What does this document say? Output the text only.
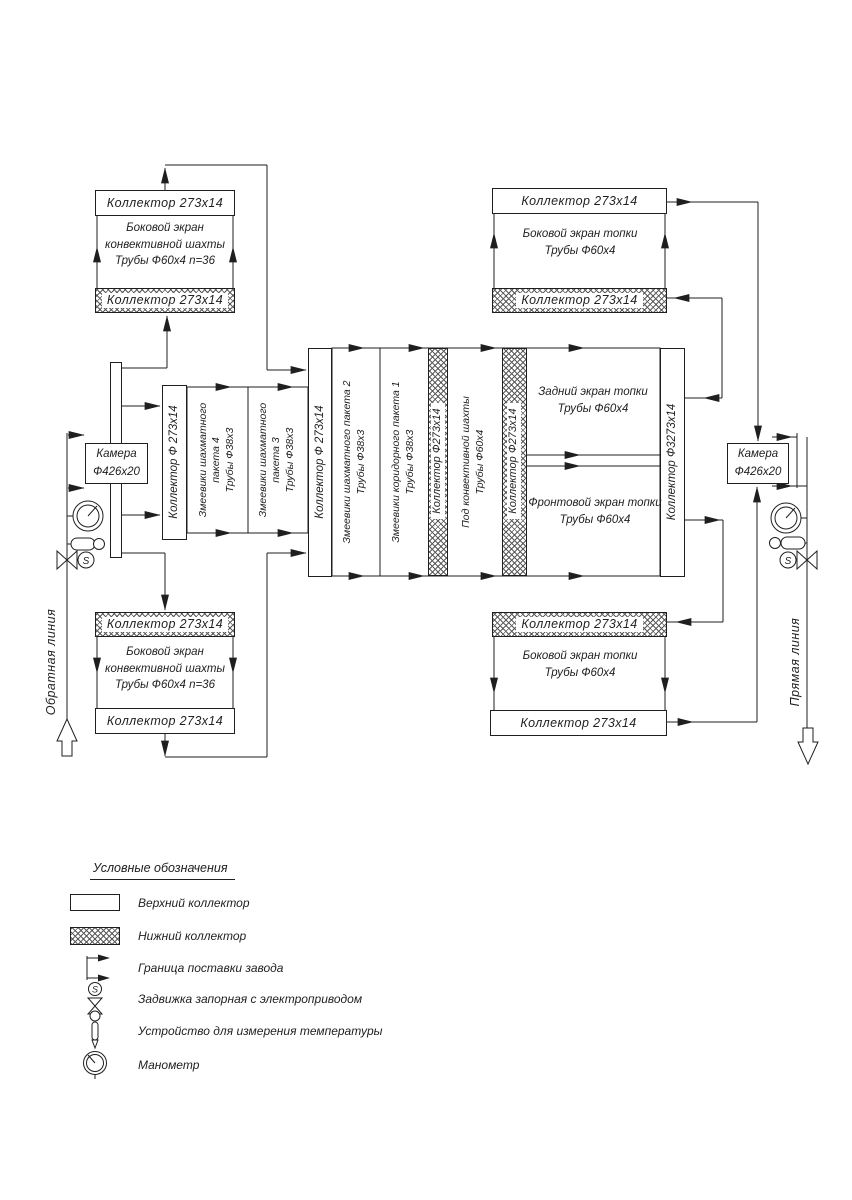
S	S
Камера
Ф426х20
Камера
Ф426х20
Коллектор 273х14
Боковой экран
конвективной шахты
Трубы Ф60х4 n=36
Коллектор 273х14
Коллектор 273х14
Боковой экран топки
Трубы Ф60х4
Коллектор 273х14
Коллектор 273х14
Боковой экран
конвективной шахты
Трубы Ф60х4 n=36
Коллектор 273х14
Коллектор 273х14
Боковой экран топки
Трубы Ф60х4
Коллектор 273х14
Коллектор Ф 273х14	Коллектор Ф 273х14	Коллектор Ф273х14	Коллектор Ф273х14	Коллектор Ф3273х14
Змеевики шахматного пакета 4 Трубы Ф38х3 Змеевики шахматного пакета 3 Трубы Ф38х3	Змеевики шахматного пакета 2 Трубы Ф38х3 Змеевики коридорного пакета 1 Трубы Ф38х3	Под конвективной шахты Трубы Ф60х4
Задний экран топки
Трубы Ф60х4
Фронтовой экран топки
Трубы Ф60х4
Обратная линия	Прямая линия
Условные обозначения
Верхний коллектор
Нижний коллектор
Граница поставки завода
S
Задвижка запорная с электроприводом
Устройство для измерения температуры
Манометр
